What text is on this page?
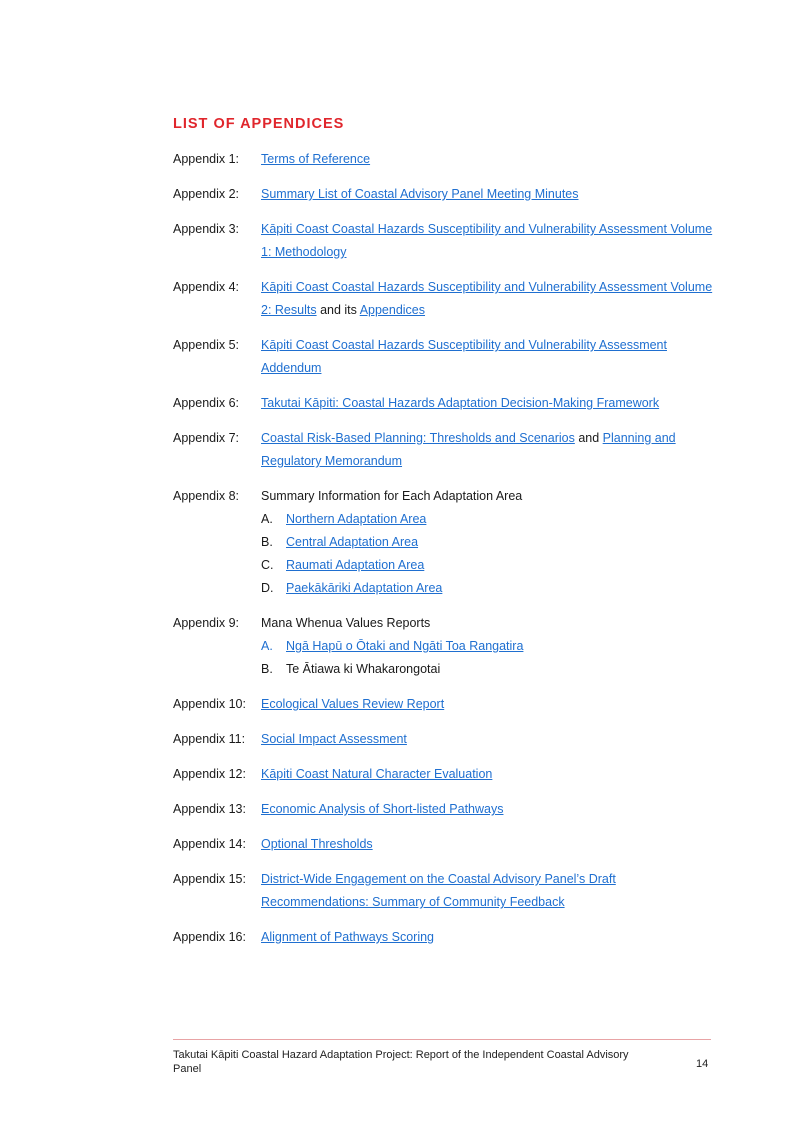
LIST OF APPENDICES
Appendix 1:	Terms of Reference
Appendix 2:	Summary List of Coastal Advisory Panel Meeting Minutes
Appendix 3:	Kāpiti Coast Coastal Hazards Susceptibility and Vulnerability Assessment Volume 1: Methodology
Appendix 4:	Kāpiti Coast Coastal Hazards Susceptibility and Vulnerability Assessment Volume 2: Results and its Appendices
Appendix 5:	Kāpiti Coast Coastal Hazards Susceptibility and Vulnerability Assessment Addendum
Appendix 6:	Takutai Kāpiti: Coastal Hazards Adaptation Decision-Making Framework
Appendix 7:	Coastal Risk-Based Planning: Thresholds and Scenarios and Planning and Regulatory Memorandum
Appendix 8:	Summary Information for Each Adaptation Area
A.	Northern Adaptation Area
B.	Central Adaptation Area
C.	Raumati Adaptation Area
D.	Paekākāriki Adaptation Area
Appendix 9:	Mana Whenua Values Reports
A.	Ngā Hapū o Ōtaki and Ngāti Toa Rangatira
B.	Te Ātiawa ki Whakarongotai
Appendix 10:	Ecological Values Review Report
Appendix 11:	Social Impact Assessment
Appendix 12:	Kāpiti Coast Natural Character Evaluation
Appendix 13:	Economic Analysis of Short-listed Pathways
Appendix 14:	Optional Thresholds
Appendix 15:	District-Wide Engagement on the Coastal Advisory Panel’s Draft Recommendations: Summary of Community Feedback
Appendix 16:	Alignment of Pathways Scoring
Takutai Kāpiti Coastal Hazard Adaptation Project: Report of the Independent Coastal Advisory Panel	14
